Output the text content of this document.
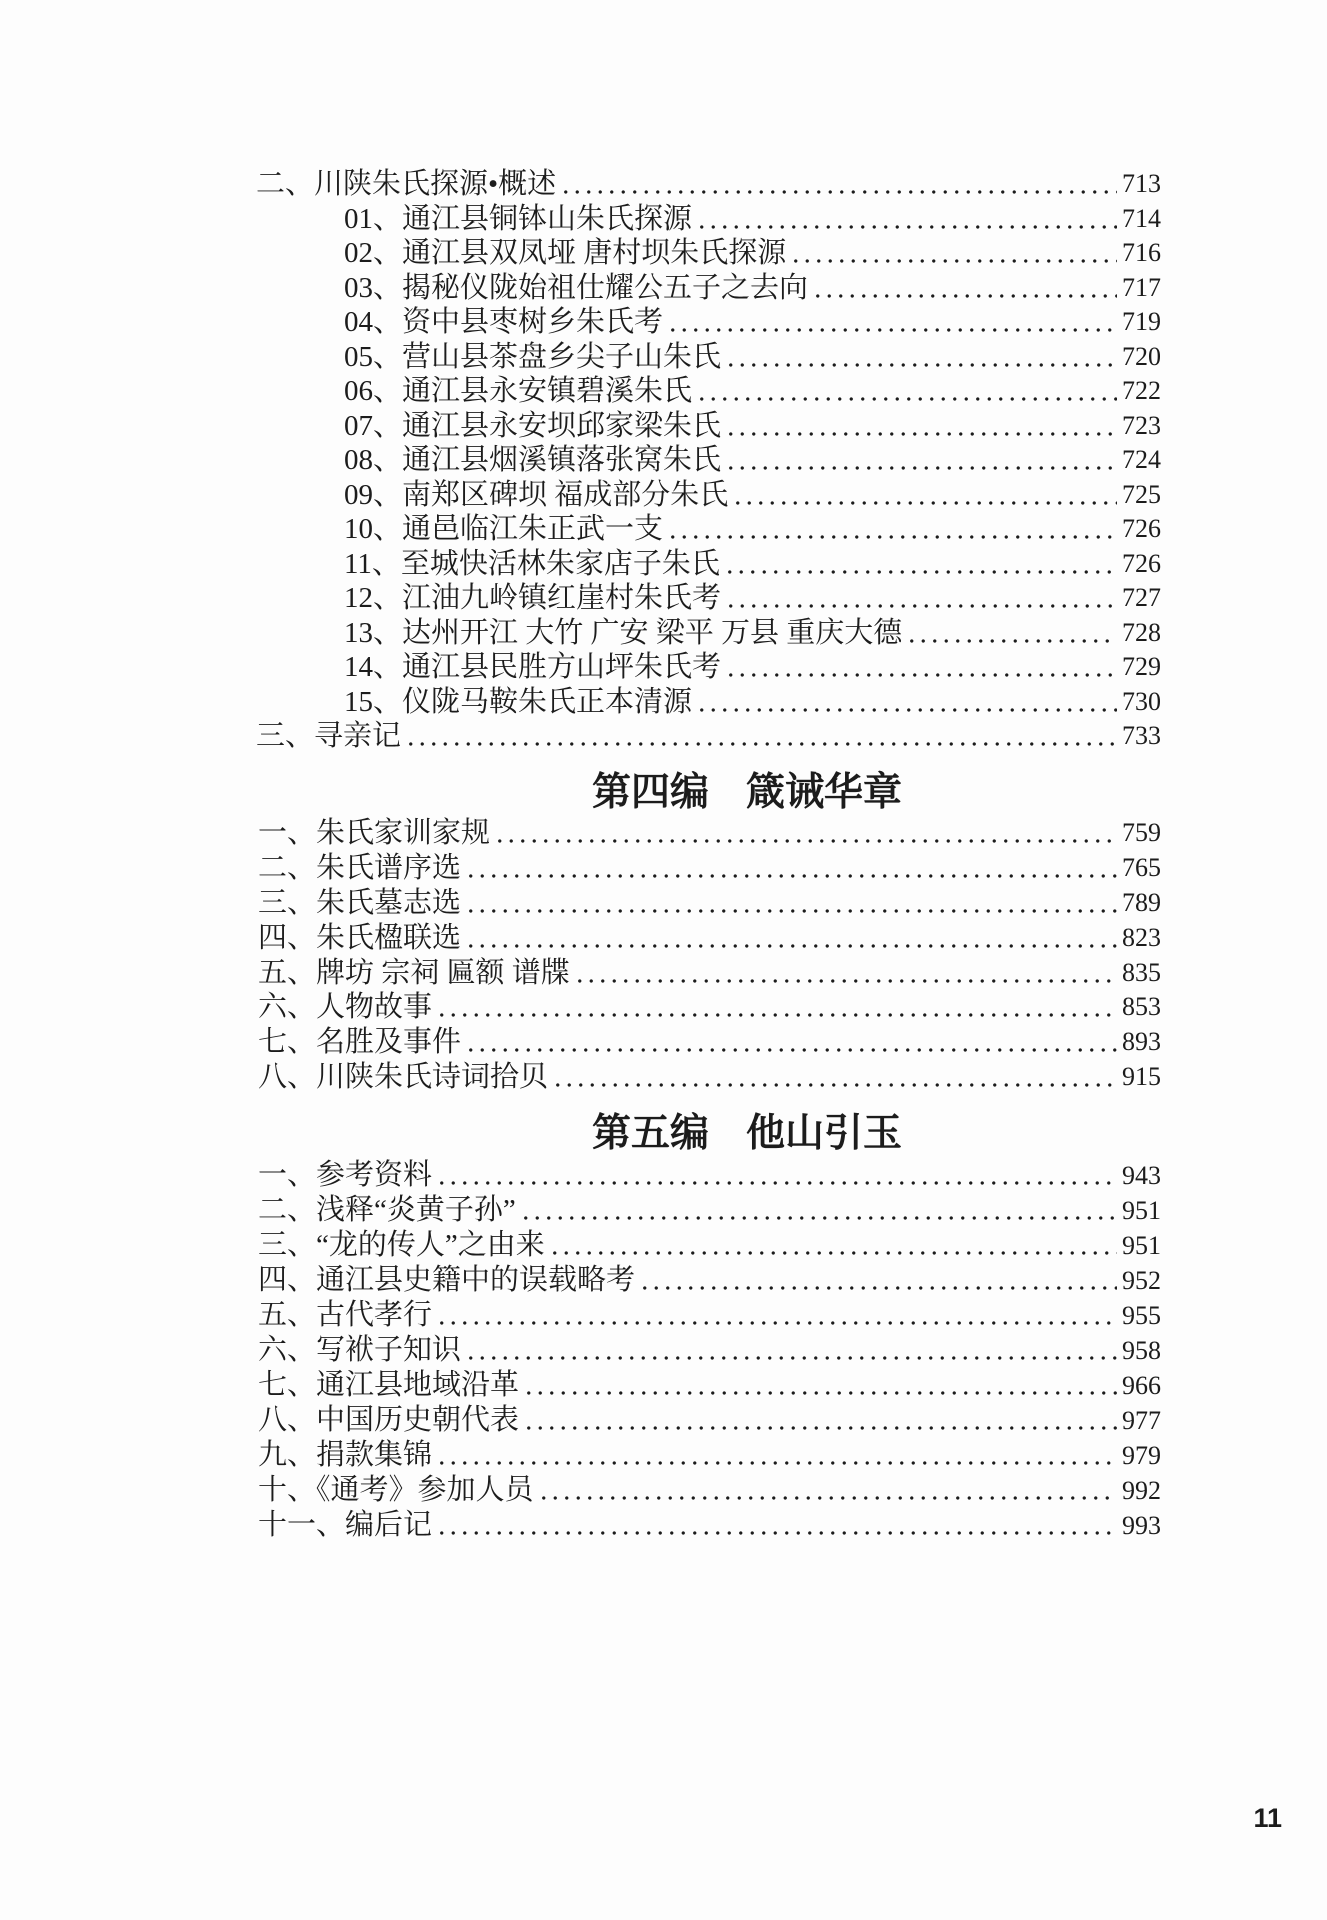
二、川陕朱氏探源•概述	713
01、通江县铜钵山朱氏探源	714
02、通江县双凤垭 唐村坝朱氏探源	716
03、揭秘仪陇始祖仕耀公五子之去向	717
04、资中县枣树乡朱氏考	719
05、营山县茶盘乡尖子山朱氏	720
06、通江县永安镇碧溪朱氏	722
07、通江县永安坝邱家梁朱氏	723
08、通江县烟溪镇落张窝朱氏	724
09、南郑区碑坝 福成部分朱氏	725
10、通邑临江朱正武一支	726
11、至城快活林朱家店子朱氏	726
12、江油九岭镇红崖村朱氏考	727
13、达州开江 大竹 广安 梁平 万县 重庆大德	728
14、通江县民胜方山坪朱氏考	729
15、仪陇马鞍朱氏正本清源	730
三、寻亲记	733
第四编 箴诫华章
一、朱氏家训家规	759
二、朱氏谱序选	765
三、朱氏墓志选	789
四、朱氏楹联选	823
五、牌坊 宗祠 匾额 谱牒	835
六、人物故事	853
七、名胜及事件	893
八、川陕朱氏诗词拾贝	915
第五编 他山引玉
一、参考资料	943
二、浅释“炎黄子孙”	951
三、“龙的传人”之由来	951
四、通江县史籍中的误载略考	952
五、古代孝行	955
六、写袱子知识	958
七、通江县地域沿革	966
八、中国历史朝代表	977
九、捐款集锦	979
十、《通考》参加人员	992
十一、编后记	993
11
